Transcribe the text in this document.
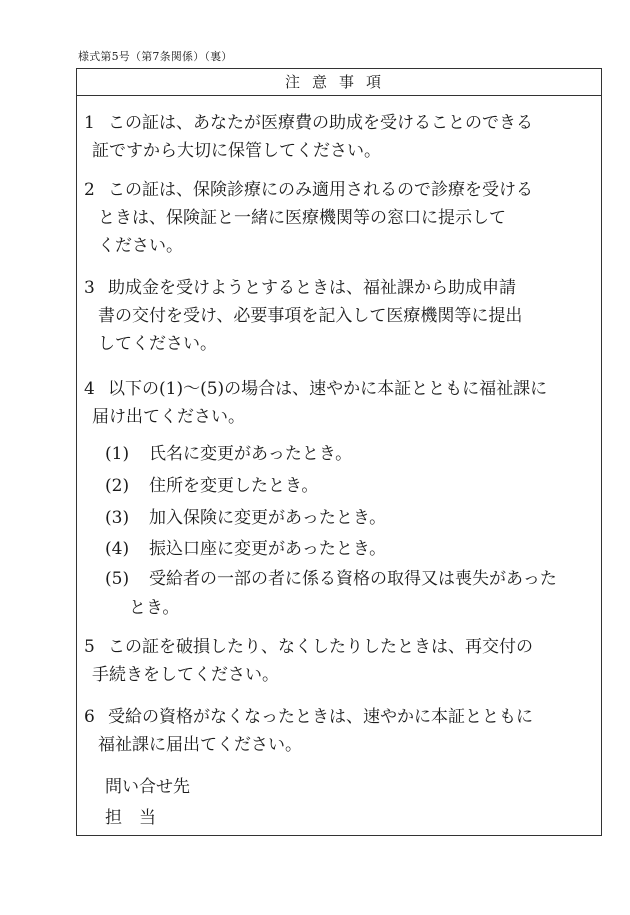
様式第5号（第7条関係）（裏）
注意事項
1 この証は、あなたが医療費の助成を受けることのできる
証ですから大切に保管してください。
2 この証は、保険診療にのみ適用されるので診療を受ける
ときは、保険証と一緒に医療機関等の窓口に提示して
ください。
3 助成金を受けようとするときは、福祉課から助成申請
書の交付を受け、必要事項を記入して医療機関等に提出
してください。
4 以下の(1)～(5)の場合は、速やかに本証とともに福祉課に
届け出てください。
(1) 氏名に変更があったとき。
(2) 住所を変更したとき。
(3) 加入保険に変更があったとき。
(4) 振込口座に変更があったとき。
(5) 受給者の一部の者に係る資格の取得又は喪失があった
とき。
5 この証を破損したり、なくしたりしたときは、再交付の
手続きをしてください。
6 受給の資格がなくなったときは、速やかに本証とともに
福祉課に届出てください。
問い合せ先
担　当
